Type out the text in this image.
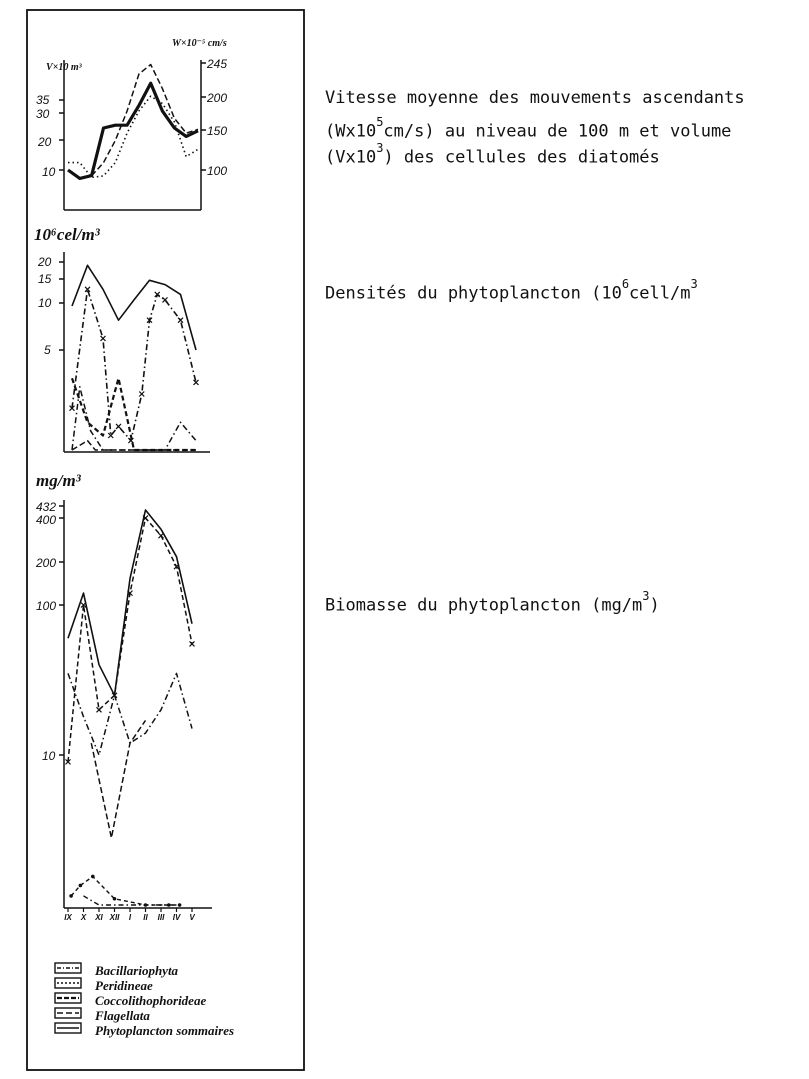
V×10 m³
W×10⁻⁵ cm/s
35
30
20
10
245
200
150
100
10⁶cel/m³
20
15
10
5
mg/m³
432
400
200
100
10
IX X XI XII I II III IV V
Bacillariophyta
Peridineae
Coccolithophorideae
Flagellata
Phytoplancton sommaires
Vitesse moyenne des mouvements ascendants
$(Wx10^5cm/s)$ au niveau de 100 m et volume
$(Vx10^3)$ des cellules des diatomés
Densités du phytoplancton ($10^6cell/m^3$
Biomasse du phytoplancton $(mg/m^3)$
